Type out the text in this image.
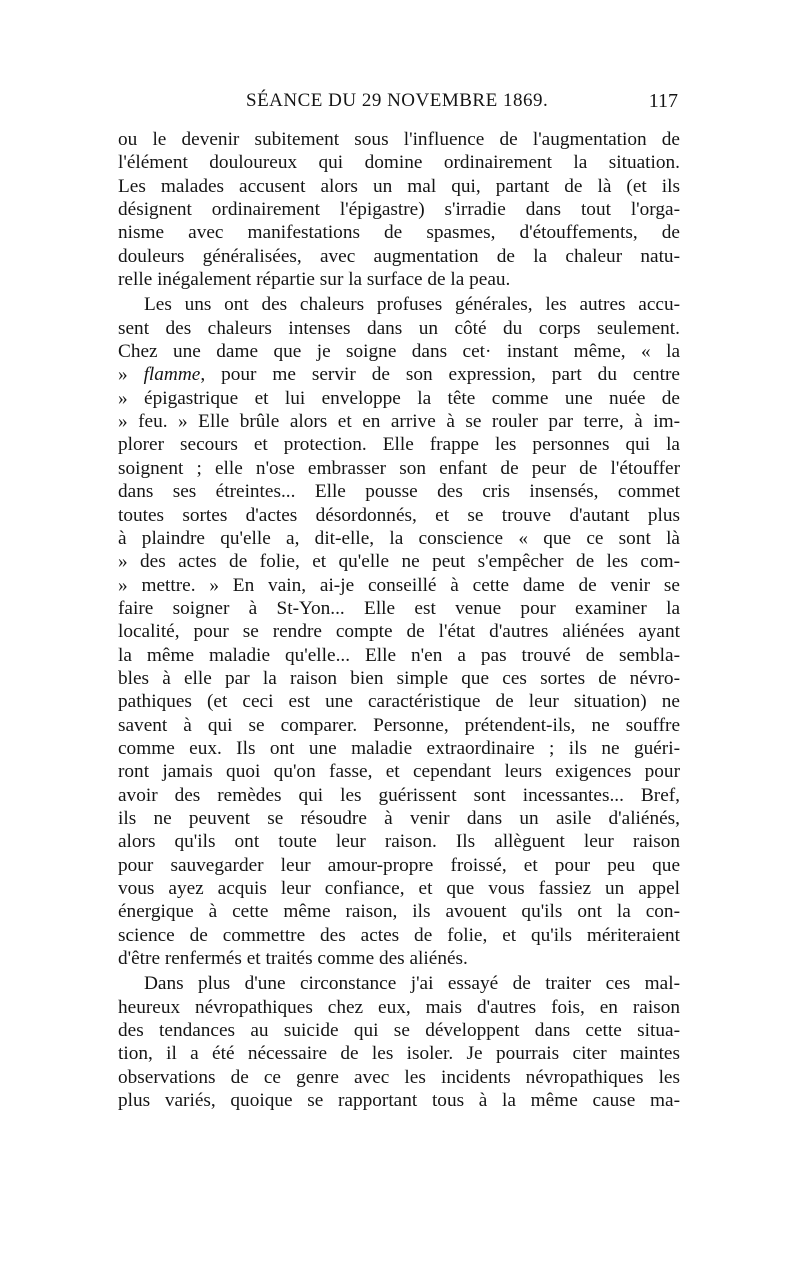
SÉANCE DU 29 NOVEMBRE 1869.	117
ou le devenir subitement sous l'influence de l'augmentation de
l'élément douloureux qui domine ordinairement la situation.
Les malades accusent alors un mal qui, partant de là (et ils
désignent ordinairement l'épigastre) s'irradie dans tout l'orga-
nisme avec manifestations de spasmes, d'étouffements, de
douleurs généralisées, avec augmentation de la chaleur natu-
relle inégalement répartie sur la surface de la peau.
Les uns ont des chaleurs profuses générales, les autres accu-
sent des chaleurs intenses dans un côté du corps seulement.
Chez une dame que je soigne dans cet· instant même, « la
» flamme, pour me servir de son expression, part du centre
» épigastrique et lui enveloppe la tête comme une nuée de
» feu. » Elle brûle alors et en arrive à se rouler par terre, à im-
plorer secours et protection. Elle frappe les personnes qui la
soignent ; elle n'ose embrasser son enfant de peur de l'étouffer
dans ses étreintes... Elle pousse des cris insensés, commet
toutes sortes d'actes désordonnés, et se trouve d'autant plus
à plaindre qu'elle a, dit-elle, la conscience « que ce sont là
» des actes de folie, et qu'elle ne peut s'empêcher de les com-
» mettre. » En vain, ai-je conseillé à cette dame de venir se
faire soigner à St-Yon... Elle est venue pour examiner la
localité, pour se rendre compte de l'état d'autres aliénées ayant
la même maladie qu'elle... Elle n'en a pas trouvé de sembla-
bles à elle par la raison bien simple que ces sortes de névro-
pathiques (et ceci est une caractéristique de leur situation) ne
savent à qui se comparer. Personne, prétendent-ils, ne souffre
comme eux. Ils ont une maladie extraordinaire ; ils ne guéri-
ront jamais quoi qu'on fasse, et cependant leurs exigences pour
avoir des remèdes qui les guérissent sont incessantes... Bref,
ils ne peuvent se résoudre à venir dans un asile d'aliénés,
alors qu'ils ont toute leur raison. Ils allèguent leur raison
pour sauvegarder leur amour-propre froissé, et pour peu que
vous ayez acquis leur confiance, et que vous fassiez un appel
énergique à cette même raison, ils avouent qu'ils ont la con-
science de commettre des actes de folie, et qu'ils mériteraient
d'être renfermés et traités comme des aliénés.
Dans plus d'une circonstance j'ai essayé de traiter ces mal-
heureux névropathiques chez eux, mais d'autres fois, en raison
des tendances au suicide qui se développent dans cette situa-
tion, il a été nécessaire de les isoler. Je pourrais citer maintes
observations de ce genre avec les incidents névropathiques les
plus variés, quoique se rapportant tous à la même cause ma-
